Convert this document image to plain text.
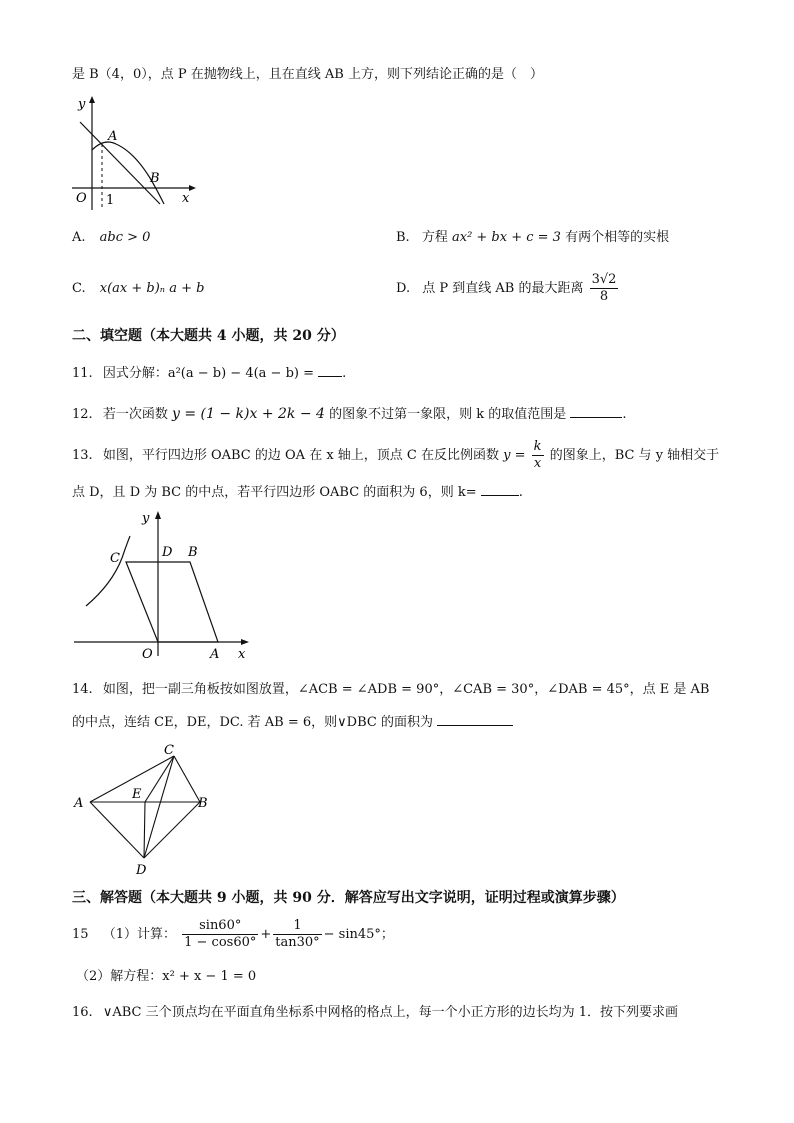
是 B（4，0），点 P 在抛物线上，且在直线 AB 上方，则下列结论正确的是（　）
y
A
B
x
O 1
A. abc > 0	B. 方程 ax² + bx + c = 3 有两个相等的实根
C. x(ax + b)ₙ a + b	D. 点 P 到直线 AB 的最大距离 $\frac{3√2}{8}$
二、填空题（本大题共 4 小题，共 20 分）
11. 因式分解：a²(a − b) − 4(a − b) = .
12. 若一次函数 y = (1 − k)x + 2k − 4 的图象不过第一象限，则 k 的取值范围是	.
13. 如图，平行四边形 OABC 的边 OA 在 x 轴上，顶点 C 在反比例函数 $y = \frac{k}{x}$ 的图象上，BC 与 y 轴相交于
点 D，且 D 为 BC 的中点，若平行四边形 OABC 的面积为 6，则 k=	.
y
C	D B
O	A x
14. 如图，把一副三角板按如图放置，∠ACB = ∠ADB = 90°，∠CAB = 30°，∠DAB = 45°，点 E 是 AB
的中点，连结 CE，DE，DC. 若 AB = 6，则∨DBC 的面积为
C
A
E
B
D
三、解答题（本大题共 9 小题，共 90 分．解答应写出文字说明，证明过程或演算步骤）
15 （1）计算： $\frac{\sin 60^\circ}{1 - \cos 60^\circ} + \frac{1}{\tan 30^\circ} - \sin 45^\circ$；
（2）解方程：x² + x − 1 = 0
16. ∨ABC 三个顶点均在平面直角坐标系中网格的格点上，每一个小正方形的边长均为 1．按下列要求画
